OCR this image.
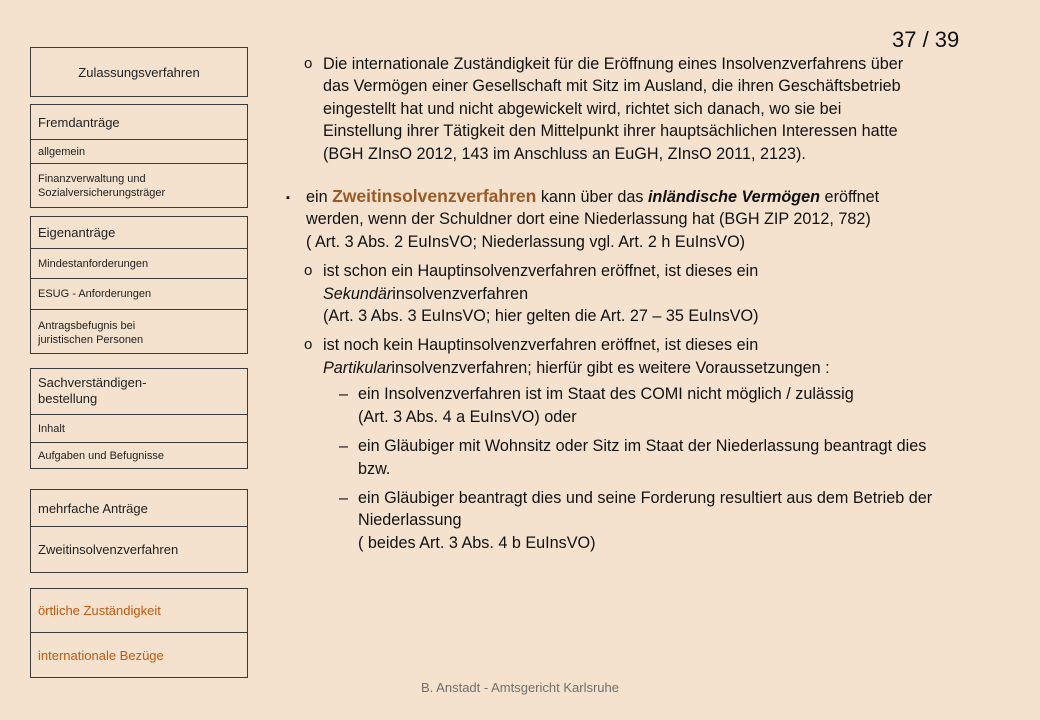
Zulassungsverfahren
Fremdanträge
allgemein
Finanzverwaltung und
Sozialversicherungsträger
Eigenanträge
Mindestanforderungen
ESUG - Anforderungen
Antragsbefugnis bei
juristischen Personen
Sachverständigen-
bestellung
Inhalt
Aufgaben und Befugnisse
mehrfache Anträge
Zweitinsolvenzverfahren
örtliche Zuständigkeit
internationale Bezüge
37 / 39
o Die internationale Zuständigkeit für die Eröffnung eines Insolvenzverfahrens über
das Vermögen einer Gesellschaft mit Sitz im Ausland, die ihren Geschäftsbetrieb
eingestellt hat und nicht abgewickelt wird, richtet sich danach, wo sie bei
Einstellung ihrer Tätigkeit den Mittelpunkt ihrer hauptsächlichen Interessen hatte
(BGH ZInsO 2012, 143 im Anschluss an EuGH, ZInsO 2011, 2123).
▪ ein Zweitinsolvenzverfahren kann über das inländische Vermögen eröffnet
werden, wenn der Schuldner dort eine Niederlassung hat (BGH ZIP 2012, 782)
( Art. 3 Abs. 2 EuInsVO; Niederlassung vgl. Art. 2 h EuInsVO)
o ist schon ein Hauptinsolvenzverfahren eröffnet, ist dieses ein
Sekundärinsolvenzverfahren
(Art. 3 Abs. 3 EuInsVO; hier gelten die Art. 27 – 35 EuInsVO)
o ist noch kein Hauptinsolvenzverfahren eröffnet, ist dieses ein
Partikularinsolvenzverfahren; hierfür gibt es weitere Voraussetzungen :
– ein Insolvenzverfahren ist im Staat des COMI nicht möglich / zulässig
(Art. 3 Abs. 4 a EuInsVO) oder
– ein Gläubiger mit Wohnsitz oder Sitz im Staat der Niederlassung beantragt dies
bzw.
– ein Gläubiger beantragt dies und seine Forderung resultiert aus dem Betrieb der
Niederlassung
( beides Art. 3 Abs. 4 b EuInsVO)
B. Anstadt - Amtsgericht Karlsruhe
